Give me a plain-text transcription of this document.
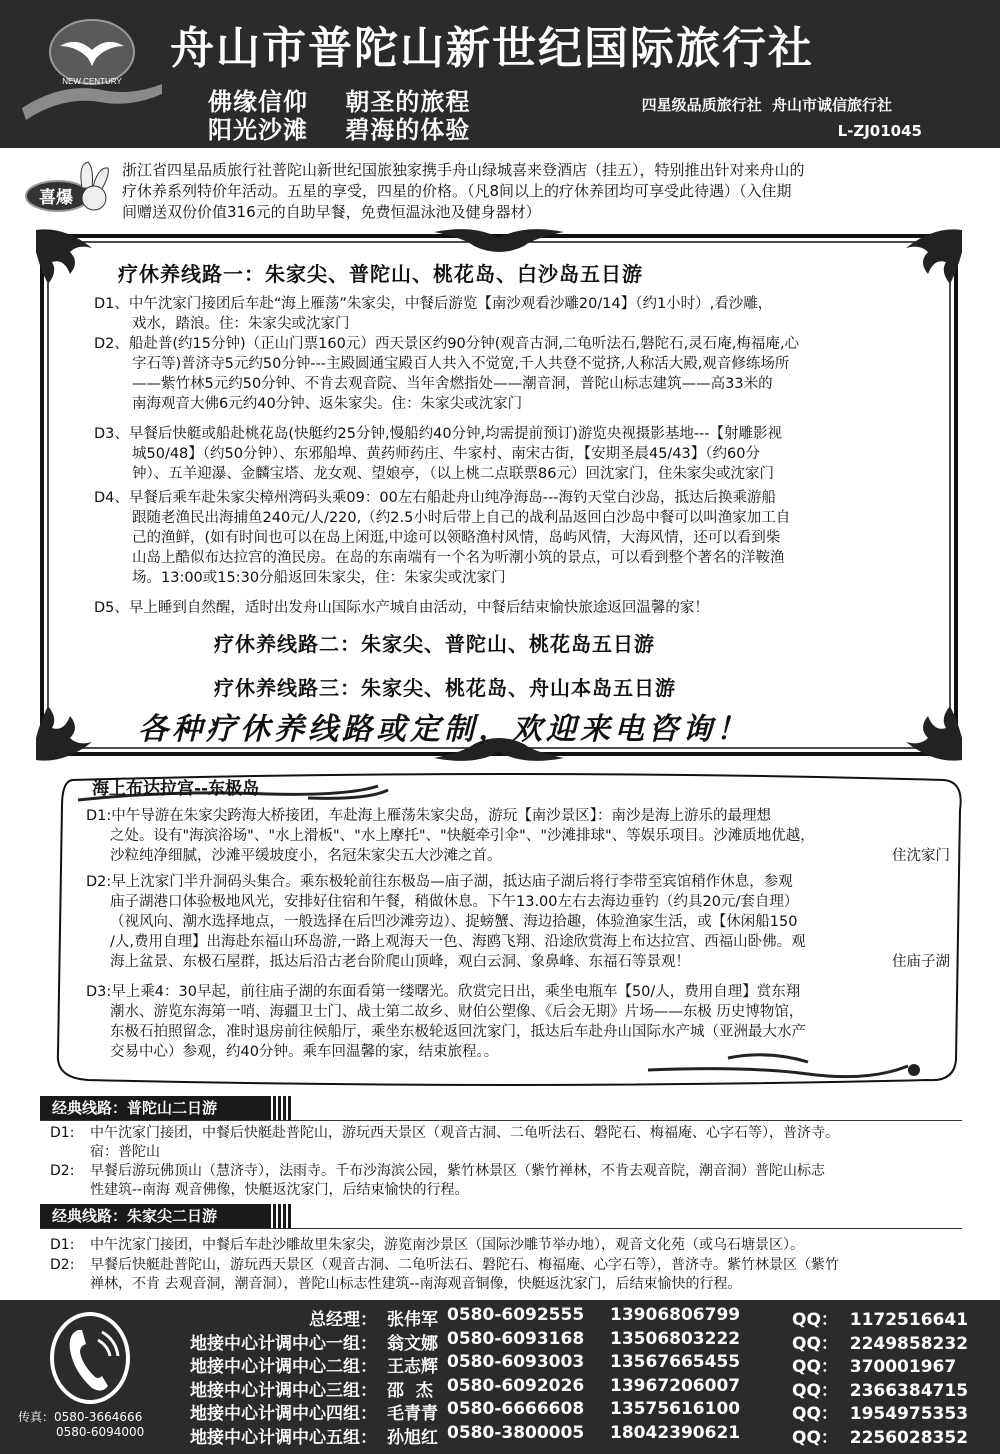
NEW CENTURY
舟山市普陀山新世纪国际旅行社
佛缘信仰    朝圣的旅程
阳光沙滩    碧海的体验
四星级品质旅行社  舟山市诚信旅行社
L-ZJ01045
喜爆
浙江省四星品质旅行社普陀山新世纪国旅独家携手舟山绿城喜来登酒店（挂五），特别推出针对来舟山的
疗休养系列特价年活动。五星的享受，四星的价格。（凡8间以上的疗休养团均可享受此待遇）（入住期
间赠送双份价值316元的自助早餐，免费恒温泳池及健身器材）
疗休养线路一：朱家尖、普陀山、桃花岛、白沙岛五日游
D1、中午沈家门接团后车赴“海上雁荡”朱家尖，中餐后游览【南沙观看沙雕20/14】（约1小时）,看沙雕，
戏水，踏浪。住：朱家尖或沈家门
D2、船赴普(约15分钟)（正山门票160元）西天景区约90分钟(观音古洞,二龟听法石,磐陀石,灵石庵,梅福庵,心
字石等)普济寺5元约50分钟---主殿圆通宝殿百人共入不觉宽,千人共登不觉挤,人称活大殿,观音修练场所
——紫竹林5元约50分钟、不肯去观音院、当年舍燃指处——潮音洞，普陀山标志建筑——高33米的
南海观音大佛6元约40分钟、返朱家尖。住：朱家尖或沈家门
D3、早餐后快艇或船赴桃花岛(快艇约25分钟,慢船约40分钟,均需提前预订)游览央视摄影基地---【射雕影视
城50/48】（约50分钟）、东邪船埠、黄药师药庄、牛家村、南宋古街，【安期圣晨45/43】（约60分
钟）、五羊迎瀑、金麟宝塔、龙女观、望娘亭，（以上桃二点联票86元）回沈家门，住朱家尖或沈家门
D4、早餐后乘车赴朱家尖樟州湾码头乘09：00左右船赴舟山纯净海岛---海钓天堂白沙岛，抵达后换乘游船
跟随老渔民出海捕鱼240元/人/220,（约2.5小时后带上自己的战利品返回白沙岛中餐可以叫渔家加工自
己的渔鲜，(如有时间也可以在岛上闲逛,中途可以领略渔村风情，岛屿风情，大海风情，还可以看到柴
山岛上酷似布达拉宫的渔民房。在岛的东南端有一个名为听潮小筑的景点，可以看到整个著名的洋鞍渔
场。13:00或15:30分船返回朱家尖，住：朱家尖或沈家门
D5、早上睡到自然醒，适时出发舟山国际水产城自由活动，中餐后结束愉快旅途返回温馨的家！
疗休养线路二：朱家尖、普陀山、桃花岛五日游
疗休养线路三：朱家尖、桃花岛、舟山本岛五日游
各种疗休养线路或定制，欢迎来电咨询！
海上布达拉宫--东极岛
D1:中午导游在朱家尖跨海大桥接团，车赴海上雁荡朱家尖岛，游玩【南沙景区】：南沙是海上游乐的最理想
之处。设有"海滨浴场"、"水上滑板"、"水上摩托"、"快艇牵引伞"、"沙滩排球"、等娱乐项目。沙滩质地优越，
沙粒纯净细腻，沙滩平缓坡度小，名冠朱家尖五大沙滩之首。	住沈家门
D2:早上沈家门半升洞码头集合。乘东极轮前往东极岛—庙子湖，抵达庙子湖后将行李带至宾馆稍作休息，参观
庙子湖港口体验极地风光，安排好住宿和午餐，稍做休息。下午13.00左右去海边垂钓（约具20元/套自理）
（视风向、潮水选择地点，一般选择在后凹沙滩旁边）、捉螃蟹、海边拾趣，体验渔家生活，或【休闲船150
/人,费用自理】出海赴东福山环岛游,一路上观海天一色、海鸥飞翔、沿途欣赏海上布达拉宫、西福山卧佛。观
海上盆景、东极石屋群，抵达后沿古老台阶爬山顶峰，观白云洞、象鼻峰、东福石等景观！	住庙子湖
D3:早上乘4：30早起，前往庙子湖的东面看第一缕曙光。欣赏完日出，乘坐电瓶车【50/人，费用自理】赏东翔
潮水、游览东海第一哨、海疆卫士门、战士第二故乡、财伯公塑像、《后会无期》片场——东极 历史博物馆，
东极石拍照留念，准时退房前往候船厅，乘坐东极轮返回沈家门，抵达后车赴舟山国际水产城（亚洲最大水产
交易中心）参观，约40分钟。乘车回温馨的家，结束旅程。。
经典线路：普陀山二日游
D1: 中午沈家门接团，中餐后快艇赴普陀山，游玩西天景区（观音古洞、二龟听法石、磐陀石、梅福庵、心字石等），普济寺。
宿：普陀山
D2: 早餐后游玩佛顶山（慧济寺），法雨寺。千布沙海滨公园，紫竹林景区（紫竹禅林，不肯去观音院，潮音洞）普陀山标志
性建筑--南海 观音佛像，快艇返沈家门，后结束愉快的行程。
经典线路：朱家尖二日游
D1: 中午沈家门接团，中餐后车赴沙雕故里朱家尖，游览南沙景区（国际沙雕节举办地），观音文化苑（或乌石塘景区）。
D2: 早餐后快艇赴普陀山，游玩西天景区（观音古洞、二龟听法石、磐陀石、梅福庵、心字石等），普济寺。紫竹林景区（紫竹
禅林，不肯 去观音洞，潮音洞），普陀山标志性建筑--南海观音铜像，快艇返沈家门，后结束愉快的行程。
传真：0580-3664666
0580-6094000
总经理： 张伟军 0580-6092555 13906806799	QQ：  1172516641
地接中心计调中心一组： 翁文娜 0580-6093168 13506803222	QQ：  2249858232
地接中心计调中心二组： 王志辉 0580-6093003 13567665455	QQ：  370001967
地接中心计调中心三组： 邵  杰 0580-6092026 13967206007	QQ：  2366384715
地接中心计调中心四组： 毛青青 0580-6666608 13575616100	QQ：  1954975353
地接中心计调中心五组： 孙旭红 0580-3800005 18042390621	QQ：  2256028352
